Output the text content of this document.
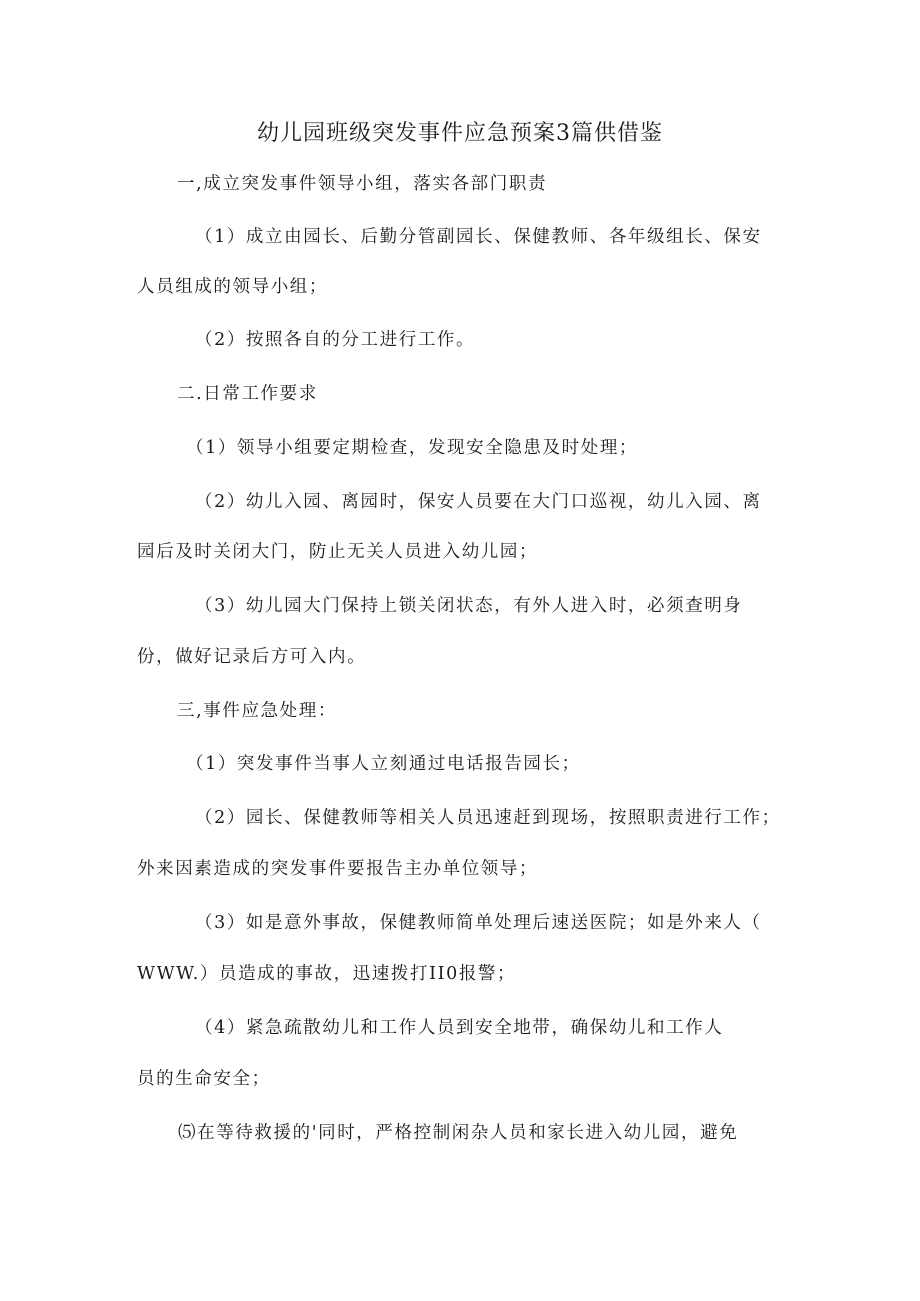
幼儿园班级突发事件应急预案3篇供借鉴
一,成立突发事件领导小组，落实各部门职责
（1）成立由园长、后勤分管副园长、保健教师、各年级组长、保安
人员组成的领导小组；
（2）按照各自的分工进行工作。
二.日常工作要求
（1）领导小组要定期检查，发现安全隐患及时处理；
（2）幼儿入园、离园时，保安人员要在大门口巡视，幼儿入园、离
园后及时关闭大门，防止无关人员进入幼儿园；
（3）幼儿园大门保持上锁关闭状态，有外人进入时，必须查明身
份，做好记录后方可入内。
三,事件应急处理：
（1）突发事件当事人立刻通过电话报告园长；
（2）园长、保健教师等相关人员迅速赶到现场，按照职责进行工作；
外来因素造成的突发事件要报告主办单位领导；
（3）如是意外事故，保健教师简单处理后速送医院；如是外来人（
WWW.）员造成的事故，迅速拨打II0报警；
（4）紧急疏散幼儿和工作人员到安全地带，确保幼儿和工作人
员的生命安全；
⑸在等待救援的'同时，严格控制闲杂人员和家长进入幼儿园，避免
